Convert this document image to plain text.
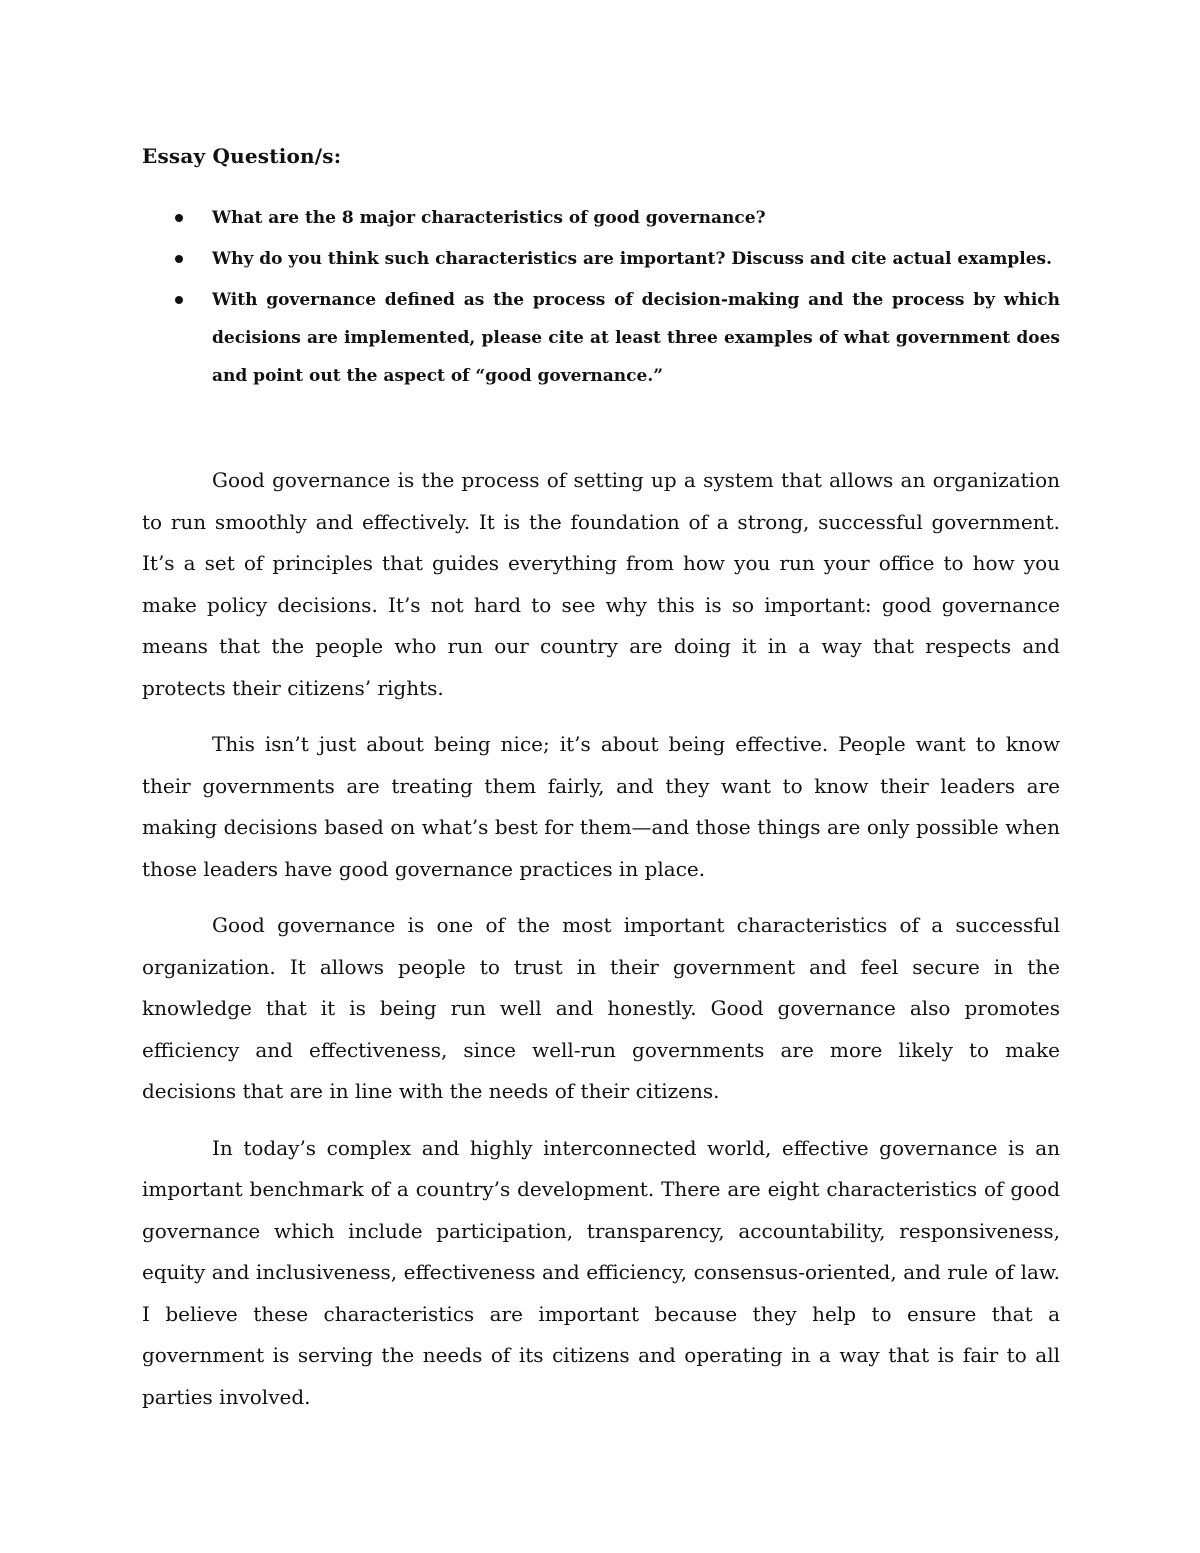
Essay Question/s:
What are the 8 major characteristics of good governance?
Why do you think such characteristics are important? Discuss and cite actual examples.
With governance defined as the process of decision-making and the process by which decisions are implemented, please cite at least three examples of what government does and point out the aspect of “good governance.”

Good governance is the process of setting up a system that allows an organization to run smoothly and effectively. It is the foundation of a strong, successful government. It’s a set of principles that guides everything from how you run your office to how you make policy decisions. It’s not hard to see why this is so important: good governance means that the people who run our country are doing it in a way that respects and protects their citizens’ rights.

This isn’t just about being nice; it’s about being effective. People want to know their governments are treating them fairly, and they want to know their leaders are making decisions based on what’s best for them—and those things are only possible when those leaders have good governance practices in place.

Good governance is one of the most important characteristics of a successful organization. It allows people to trust in their government and feel secure in the knowledge that it is being run well and honestly. Good governance also promotes efficiency and effectiveness, since well-run governments are more likely to make decisions that are in line with the needs of their citizens.

In today’s complex and highly interconnected world, effective governance is an important benchmark of a country’s development. There are eight characteristics of good governance which include participation, transparency, accountability, responsiveness, equity and inclusiveness, effectiveness and efficiency, consensus-oriented, and rule of law. I believe these characteristics are important because they help to ensure that a government is serving the needs of its citizens and operating in a way that is fair to all parties involved.
